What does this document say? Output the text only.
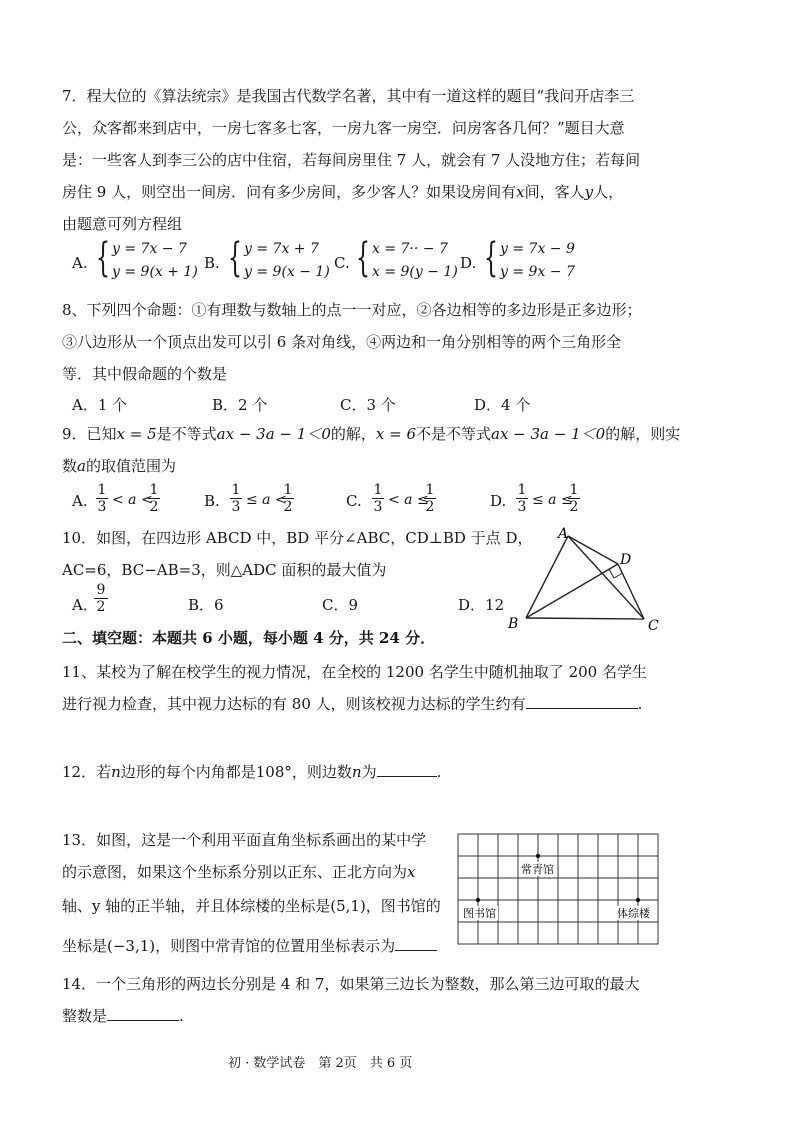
7．程大位的《算法统宗》是我国古代数学名著，其中有一道这样的题目“我问开店李三
公，众客都来到店中，一房七客多七客，一房九客一房空．问房客各几何？”题目大意
是：一些客人到李三公的店中住宿，若每间房里住 7 人，就会有 7 人没地方住；若每间
房住 9 人，则空出一间房．问有多少房间，多少客人？如果设房间有x间，客人y人，
由题意可列方程组
A. { y = 7x − 7
y = 9(x + 1) B. { y = 7x + 7
y = 9(x − 1) C. { x = 7·· − 7
x = 9(y − 1) D. { y = 7x − 9
y = 9x − 7
8、下列四个命题：①有理数与数轴上的点一一对应，②各边相等的多边形是正多边形；
③八边形从一个顶点出发可以引 6 条对角线，④两边和一角分别相等的两个三角形全
等．其中假命题的个数是
A．1 个	B．2 个	C．3 个	D．4 个
9．已知x = 5是不等式ax − 3a − 1＜0的解，x = 6不是不等式ax − 3a − 1＜0的解，则实
数a的取值范围为
A. $\frac{1}{3} < a$ <
$\frac{1}{2}$	B. $\frac{1}{3} \le a$ <
$\frac{1}{2}$	C. $\frac{1}{3} < a$ ≤
$\frac{1}{2}$	D. $\frac{1}{3} \le a$ ≤
$\frac{1}{2}$
10．如图，在四边形 ABCD 中，BD 平分∠ABC，CD⊥BD 于点 D，
AC=6，BC−AB=3，则△ADC 面积的最大值为
A．
$\frac{9}{2}$	B．6	C．9	D．12
A
D
B	C
二、填空题：本题共 6 小题，每小题 4 分，共 24 分．
11、某校为了解在校学生的视力情况，在全校的 1200 名学生中随机抽取了 200 名学生
进行视力检查，其中视力达标的有 80 人，则该校视力达标的学生约有	.
12．若n边形的每个内角都是108°，则边数n为	.
13．如图，这是一个利用平面直角坐标系画出的某中学
的示意图，如果这个坐标系分别以正东、正北方向为x
轴、y 轴的正半轴，并且体综楼的坐标是(5,1)，图书馆的
坐标是(−3,1)，则图中常青馆的位置用坐标表示为
图书馆	体综楼
常青馆
14．一个三角形的两边长分别是 4 和 7，如果第三边长为整数，那么第三边可取的最大
整数是	.
初 · 数学试卷　第 2页　共 6 页
